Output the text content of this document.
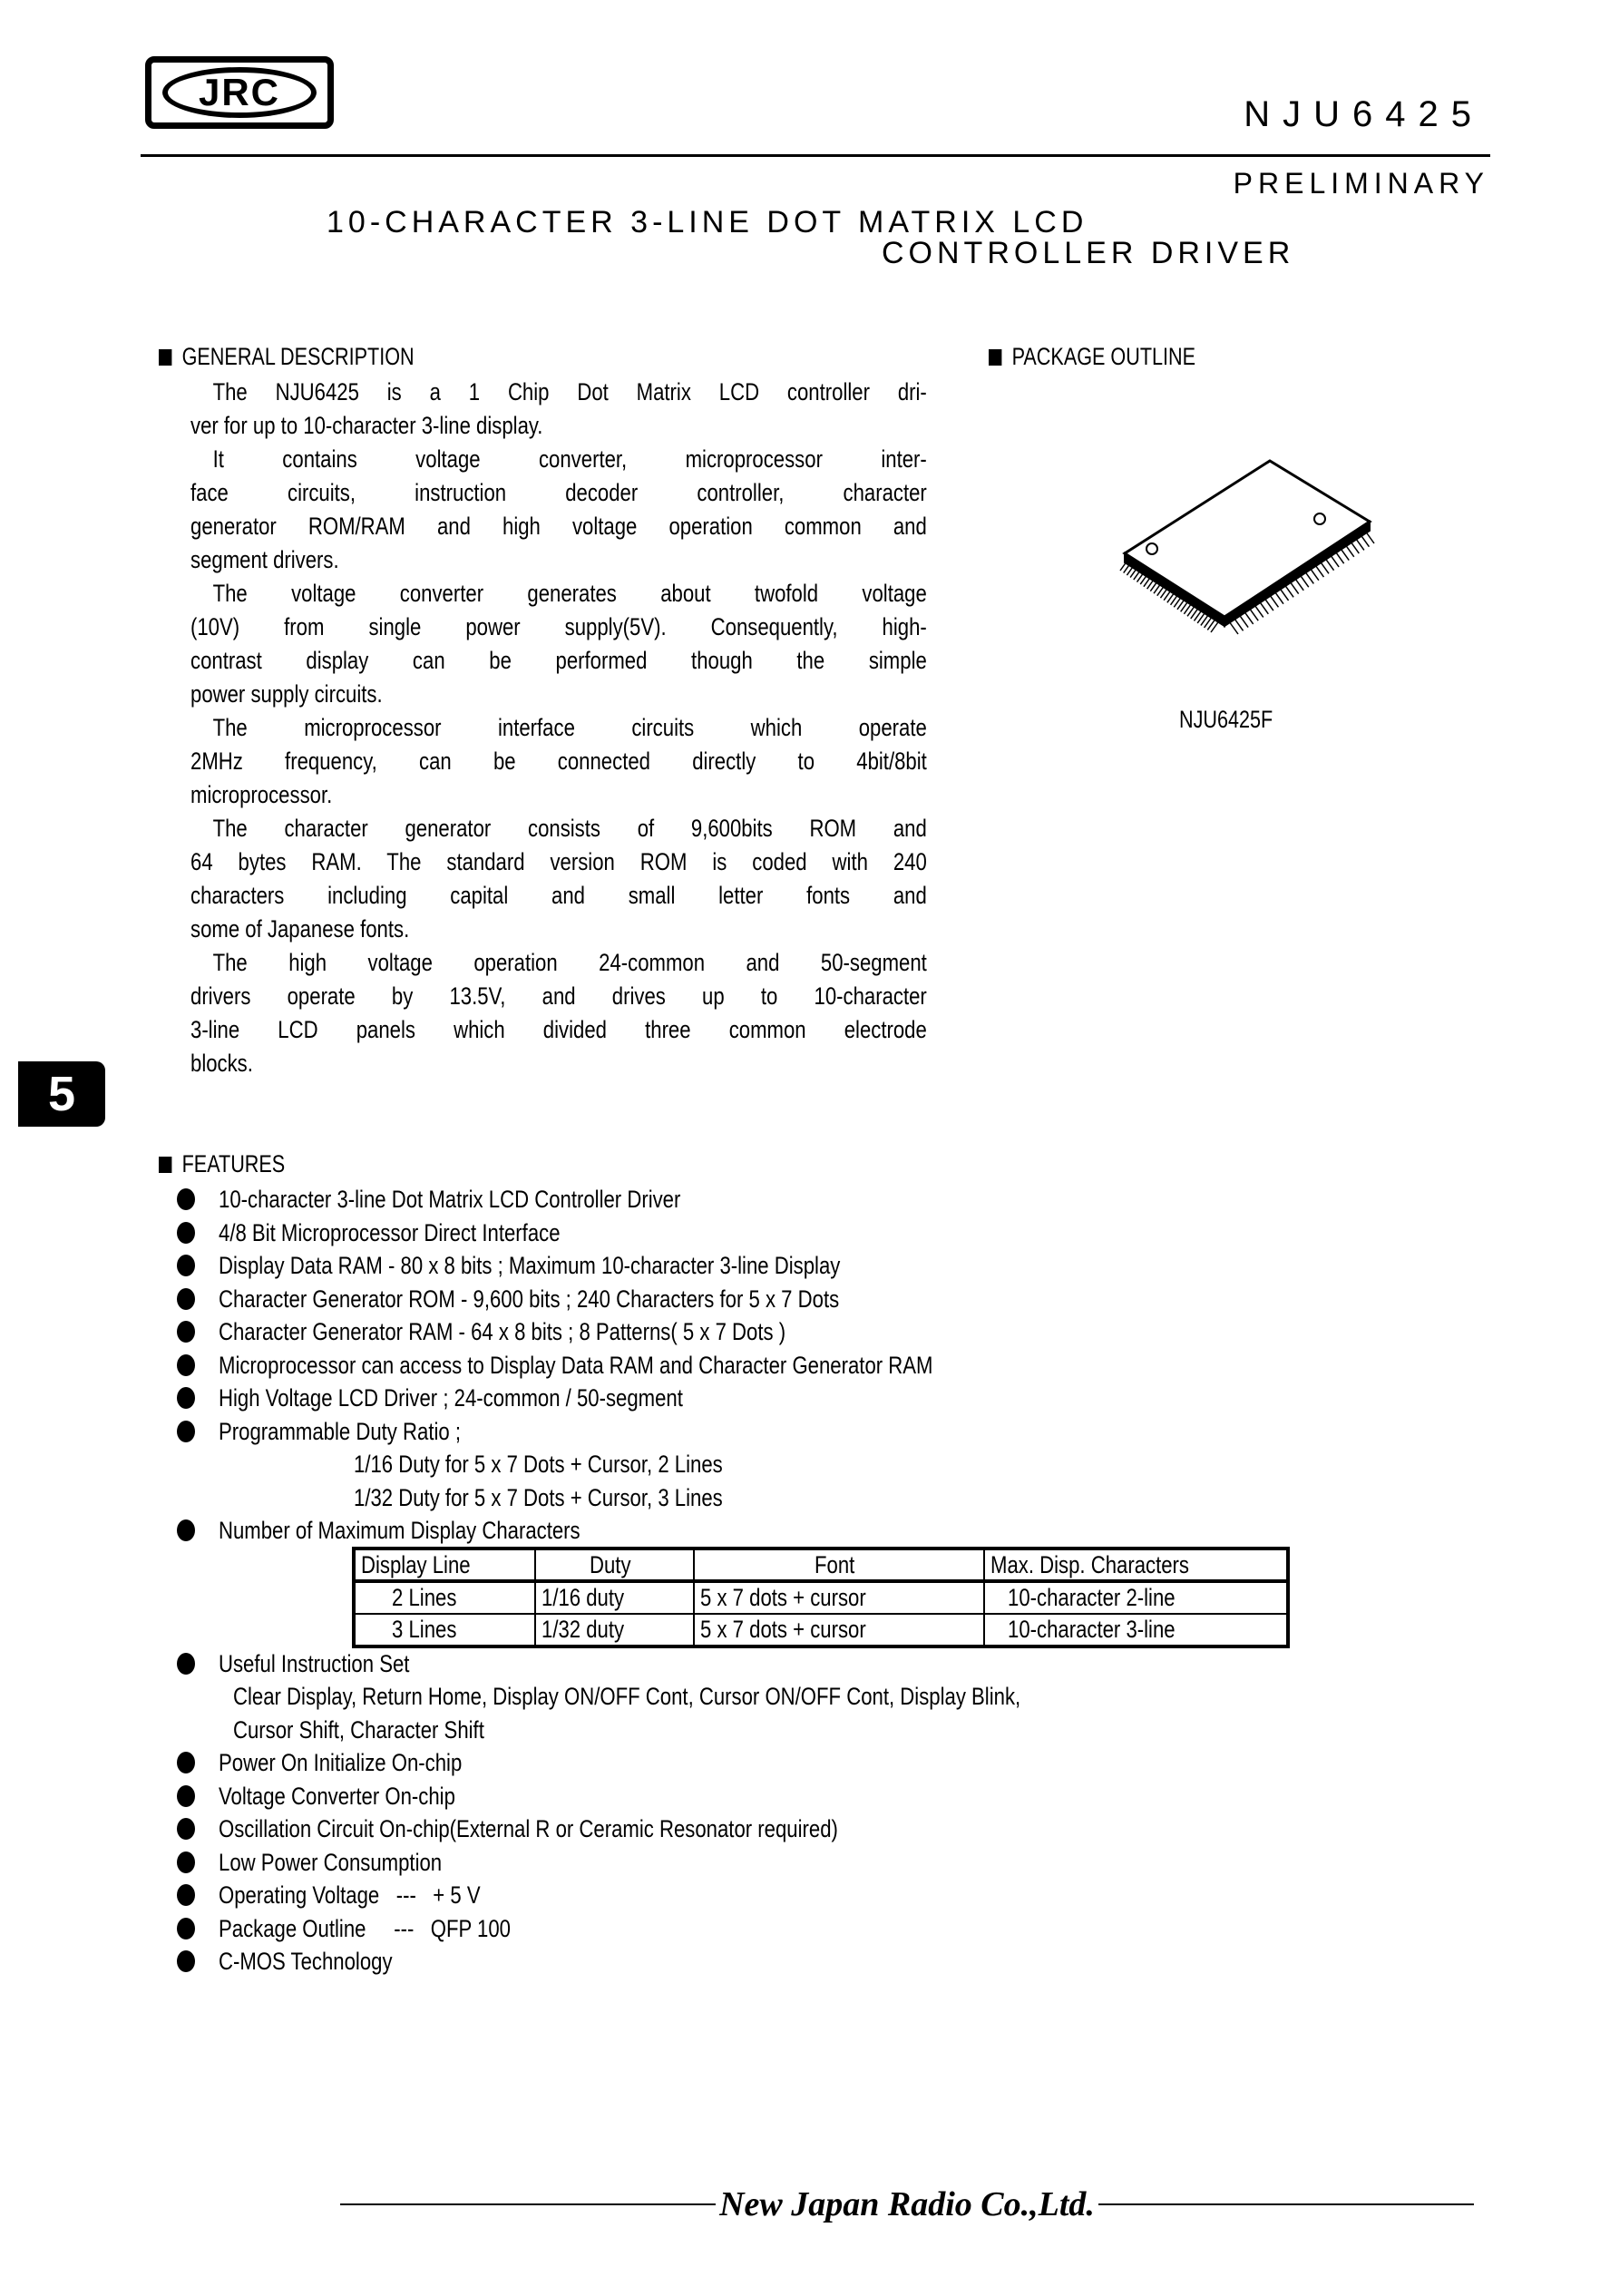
JRC
NJU6425
PRELIMINARY
10-CHARACTER 3-LINE DOT MATRIX LCD
CONTROLLER DRIVER
GENERAL DESCRIPTION
The NJU6425 is a 1 Chip Dot Matrix LCD controller dri-
ver for up to 10-character 3-line display.
It contains voltage converter, microprocessor inter-
face circuits, instruction decoder controller, character
generator ROM/RAM and high voltage operation common and
segment drivers.
The voltage converter generates about twofold voltage
(10V) from single power supply(5V). Consequently, high-
contrast display can be performed though the simple
power supply circuits.
The microprocessor interface circuits which operate
2MHz frequency, can be connected directly to 4bit/8bit
microprocessor.
The character generator consists of 9,600bits ROM and
64 bytes RAM. The standard version ROM is coded with 240
characters including capital and small letter fonts and
some of Japanese fonts.
The high voltage operation 24-common and 50-segment
drivers operate by 13.5V, and drives up to 10-character
3-line LCD panels which divided three common electrode
blocks.
PACKAGE OUTLINE
NJU6425F
5
FEATURES
10-character 3-line Dot Matrix LCD Controller Driver
4/8 Bit Microprocessor Direct Interface
Display Data RAM - 80 x 8 bits ; Maximum 10-character 3-line Display
Character Generator ROM - 9,600 bits ; 240 Characters for 5 x 7 Dots
Character Generator RAM - 64 x 8 bits ; 8 Patterns( 5 x 7 Dots )
Microprocessor can access to Display Data RAM and Character Generator RAM
High Voltage LCD Driver ; 24-common / 50-segment
Programmable Duty Ratio ;
1/16 Duty for 5 x 7 Dots + Cursor, 2 Lines
1/32 Duty for 5 x 7 Dots + Cursor, 3 Lines
Number of Maximum Display Characters
Useful Instruction Set
Clear Display, Return Home, Display ON/OFF Cont, Cursor ON/OFF Cont, Display Blink,
Cursor Shift, Character Shift
Power On Initialize On-chip
Voltage Converter On-chip
Oscillation Circuit On-chip(External R or Ceramic Resonator required)
Low Power Consumption
Operating Voltage   ---   + 5 V
Package Outline     ---   QFP 100
C-MOS Technology
Display Line	Duty	Font	Max. Disp. Characters
2 Lines	1/16 duty	5 x 7 dots + cursor	10-character 2-line
3 Lines	1/32 duty	5 x 7 dots + cursor	10-character 3-line
New Japan Radio Co.,Ltd.
